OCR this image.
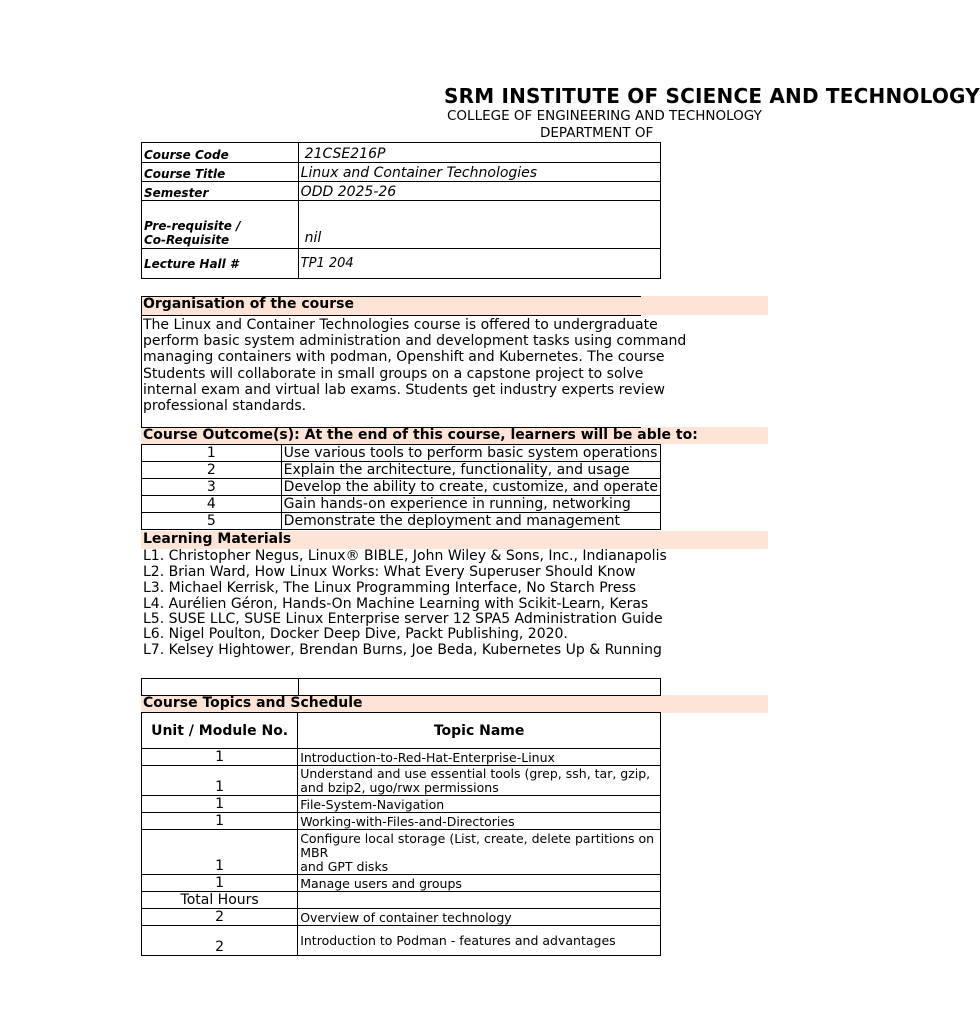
SRM INSTITUTE OF SCIENCE AND TECHNOLOGY
COLLEGE OF ENGINEERING AND TECHNOLOGY
DEPARTMENT OF
Course Code	21CSE216P
Course Title	Linux and Container Technologies
Semester	ODD 2025-26

Pre-requisite /
Co-Requisite	nil
Lecture Hall #	TP1 204
Organisation of the course
The Linux and Container Technologies course is offered to undergraduate
perform basic system administration and development tasks using command
managing containers with podman, Openshift and Kubernetes. The course
Students will collaborate in small groups on a capstone project to solve
internal exam and virtual lab exams. Students get industry experts review
professional standards.
Course Outcome(s): At the end of this course, learners will be able to:
1	Use various tools to perform basic system operations
2	Explain the architecture, functionality, and usage
3	Develop the ability to create, customize, and operate
4	Gain hands-on experience in running, networking
5	Demonstrate the deployment and management
Learning Materials
L1. Christopher Negus, Linux® BIBLE, John Wiley & Sons, Inc., Indianapolis
L2. Brian Ward, How Linux Works: What Every Superuser Should Know
L3. Michael Kerrisk, The Linux Programming Interface, No Starch Press
L4. Aurélien Géron, Hands-On Machine Learning with Scikit-Learn, Keras
L5. SUSE LLC, SUSE Linux Enterprise server 12 SPA5 Administration Guide
L6. Nigel Poulton, Docker Deep Dive, Packt Publishing, 2020.
L7. Kelsey Hightower, Brendan Burns, Joe Beda, Kubernetes Up & Running

Course Topics and Schedule
Unit / Module No.	Topic Name
1	Introduction-to-Red-Hat-Enterprise-Linux
1	Understand and use essential tools (grep, ssh, tar, gzip,
and bzip2, ugo/rwx permissions

1	File-System-Navigation
1	Working-with-Files-and-Directories
1	Configure local storage (List, create, delete partitions on
MBR
and GPT disks

1	Manage users and groups
Total Hours	
2	Overview of container technology
2	Introduction to Podman - features and advantages
